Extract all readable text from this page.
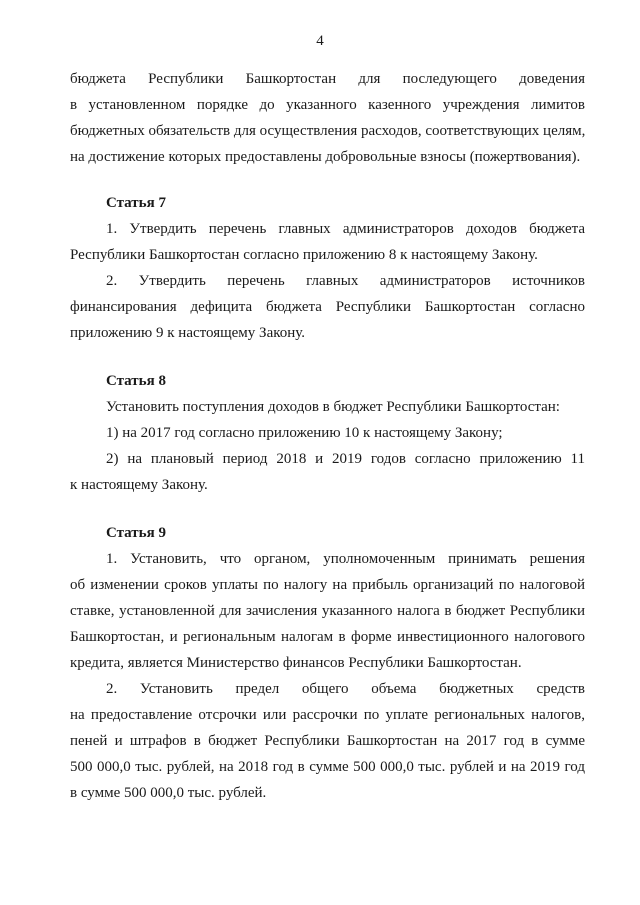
4
бюджета Республики Башкортостан для последующего доведения
в установленном порядке до указанного казенного учреждения лимитов
бюджетных обязательств для осуществления расходов, соответствующих целям,
на достижение которых предоставлены добровольные взносы (пожертвования).
Статья 7
1. Утвердить перечень главных администраторов доходов бюджета
Республики Башкортостан согласно приложению 8 к настоящему Закону.
2. Утвердить перечень главных администраторов источников
финансирования дефицита бюджета Республики Башкортостан согласно
приложению 9 к настоящему Закону.
Статья 8
Установить поступления доходов в бюджет Республики Башкортостан:
1) на 2017 год согласно приложению 10 к настоящему Закону;
2) на плановый период 2018 и 2019 годов согласно приложению 11
к настоящему Закону.
Статья 9
1. Установить, что органом, уполномоченным принимать решения
об изменении сроков уплаты по налогу на прибыль организаций по налоговой
ставке, установленной для зачисления указанного налога в бюджет Республики
Башкортостан, и региональным налогам в форме инвестиционного налогового
кредита, является Министерство финансов Республики Башкортостан.
2. Установить предел общего объема бюджетных средств
на предоставление отсрочки или рассрочки по уплате региональных налогов,
пеней и штрафов в бюджет Республики Башкортостан на 2017 год в сумме
500 000,0 тыс. рублей, на 2018 год в сумме 500 000,0 тыс. рублей и на 2019 год
в сумме 500 000,0 тыс. рублей.
